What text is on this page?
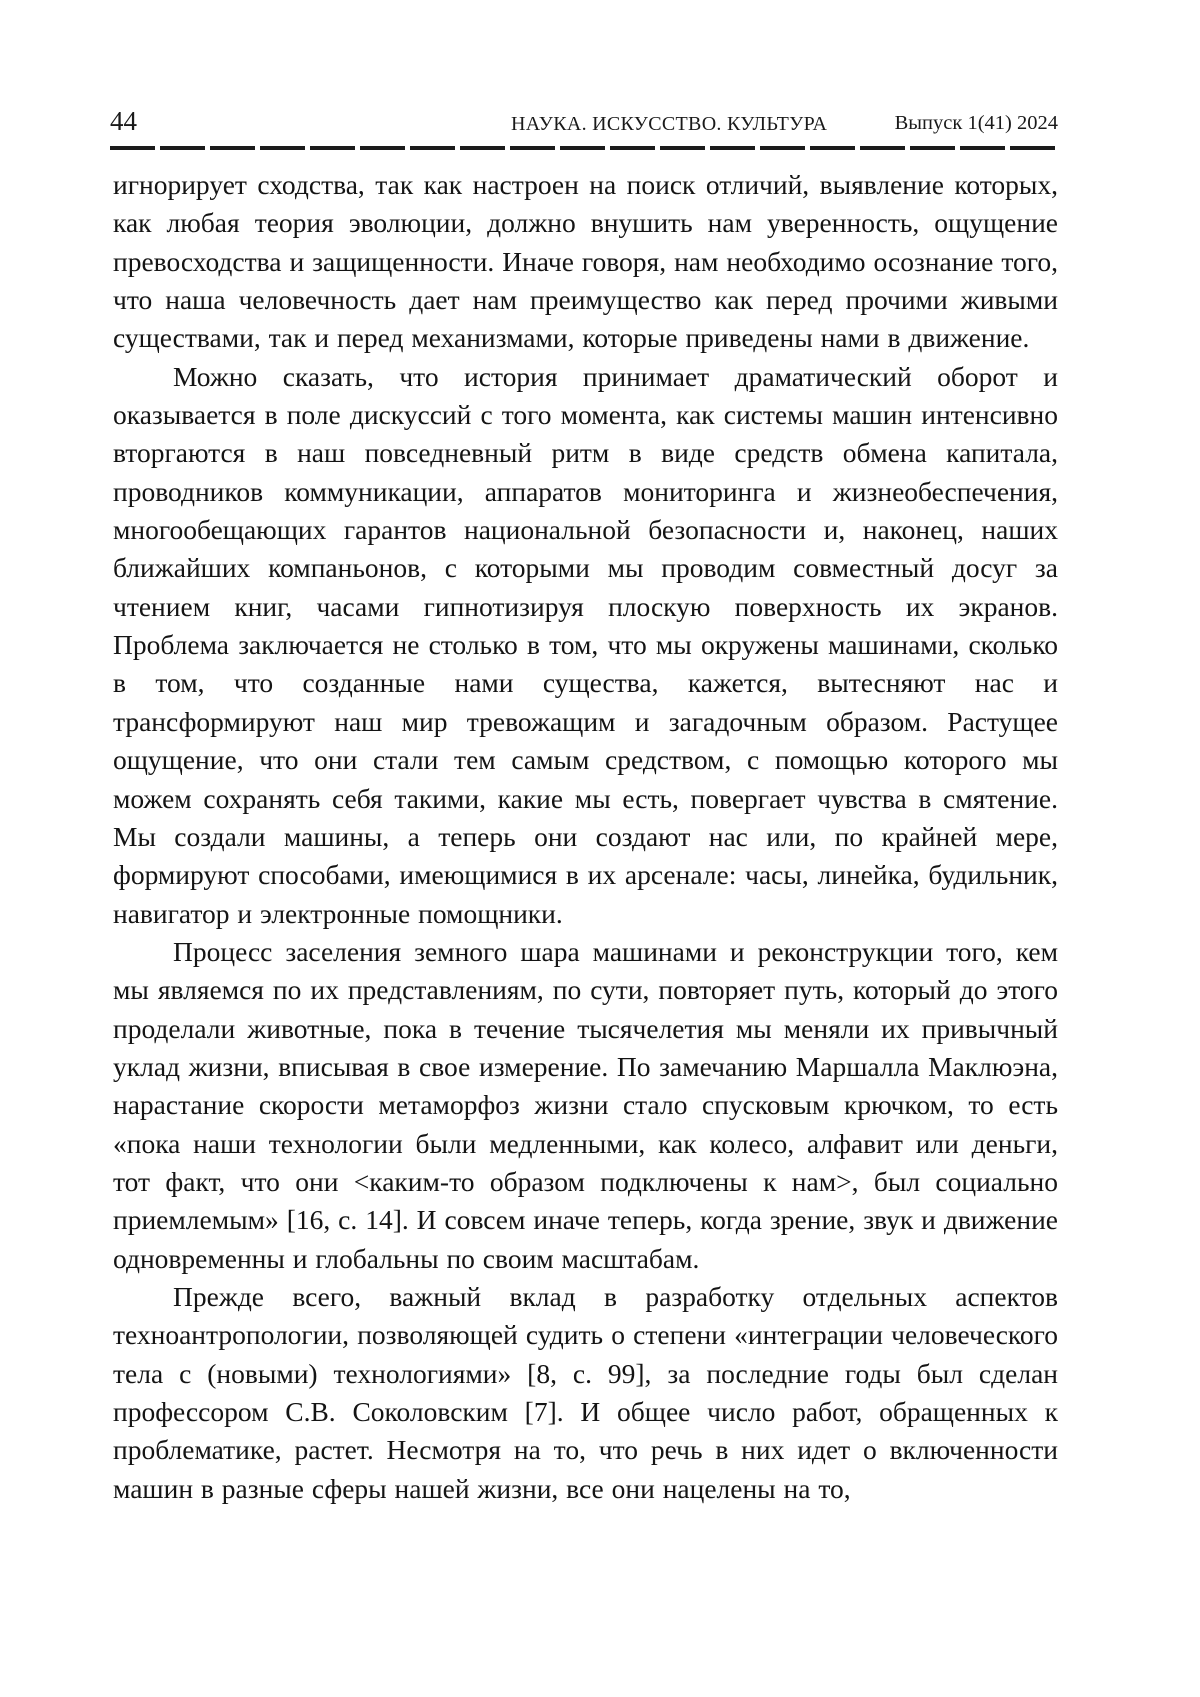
44	НАУКА. ИСКУССТВО. КУЛЬТУРА	Выпуск 1(41) 2024

игнорирует сходства, так как настроен на поиск отличий, выявление которых, как любая теория эволюции, должно внушить нам уверенность, ощущение превосходства и защищенности. Иначе говоря, нам необходимо осознание того, что наша человечность дает нам преимущество как перед прочими живыми существами, так и перед механизмами, которые приведены нами в движение.

Можно сказать, что история принимает драматический оборот и оказывается в поле дискуссий с того момента, как системы машин интенсивно вторгаются в наш повседневный ритм в виде средств обмена капитала, проводников коммуникации, аппаратов мониторинга и жизнеобеспечения, многообещающих гарантов национальной безопасности и, наконец, наших ближайших компаньонов, с которыми мы проводим совместный досуг за чтением книг, часами гипнотизируя плоскую поверхность их экранов. Проблема заключается не столько в том, что мы окружены машинами, сколько в том, что созданные нами существа, кажется, вытесняют нас и трансформируют наш мир тревожащим и загадочным образом. Растущее ощущение, что они стали тем самым средством, с помощью которого мы можем сохранять себя такими, какие мы есть, повергает чувства в смятение. Мы создали машины, а теперь они создают нас или, по крайней мере, формируют способами, имеющимися в их арсенале: часы, линейка, будильник, навигатор и электронные помощники.

Процесс заселения земного шара машинами и реконструкции того, кем мы являемся по их представлениям, по сути, повторяет путь, который до этого проделали животные, пока в течение тысячелетия мы меняли их привычный уклад жизни, вписывая в свое измерение. По замечанию Маршалла Маклюэна, нарастание скорости метаморфоз жизни стало спусковым крючком, то есть «пока наши технологии были медленными, как колесо, алфавит или деньги, тот факт, что они <каким-то образом подключены к нам>, был социально приемлемым» [16, с. 14]. И совсем иначе теперь, когда зрение, звук и движение одновременны и глобальны по своим масштабам.

Прежде всего, важный вклад в разработку отдельных аспектов техноантропологии, позволяющей судить о степени «интеграции человеческого тела с (новыми) технологиями» [8, с. 99], за последние годы был сделан профессором С.В. Соколовским [7]. И общее число работ, обращенных к проблематике, растет. Несмотря на то, что речь в них идет о включенности машин в разные сферы нашей жизни, все они нацелены на то,
